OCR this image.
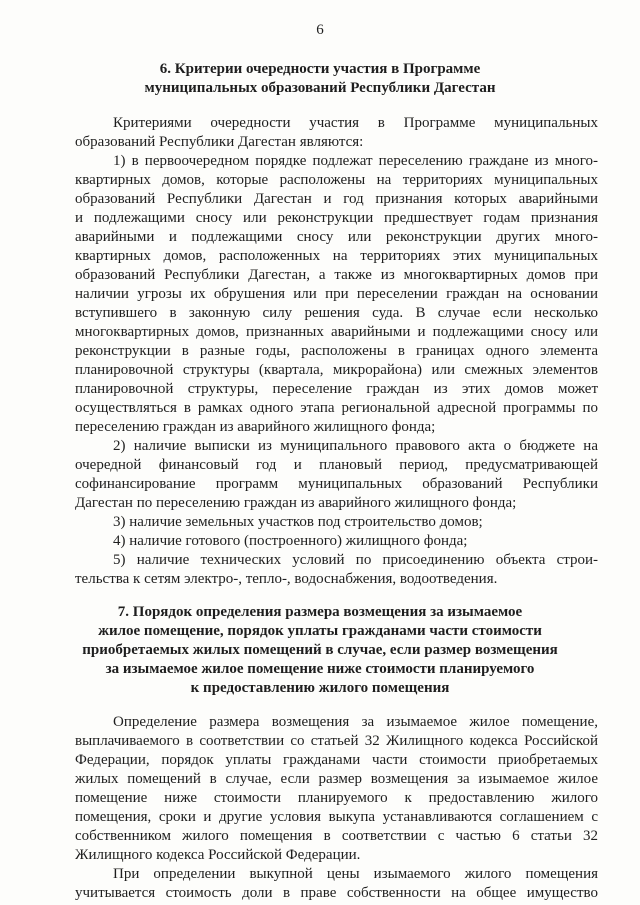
6

6. Критерии очередности участия в Программе

муниципальных образований Республики Дагестан

Критериями очередности участия в Программе муниципальных
образований Республики Дагестан являются:
1) в первоочередном порядке подлежат переселению граждане из много-
квартирных домов, которые расположены на территориях муниципальных
образований Республики Дагестан и год признания которых аварийными
и подлежащими сносу или реконструкции предшествует годам признания
аварийными и подлежащими сносу или реконструкции других много-
квартирных домов, расположенных на территориях этих муниципальных
образований Республики Дагестан, а также из многоквартирных домов при
наличии угрозы их обрушения или при переселении граждан на основании
вступившего в законную силу решения суда. В случае если несколько
многоквартирных домов, признанных аварийными и подлежащими сносу или
реконструкции в разные годы, расположены в границах одного элемента
планировочной структуры (квартала, микрорайона) или смежных элементов
планировочной структуры, переселение граждан из этих домов может
осуществляться в рамках одного этапа региональной адресной программы по
переселению граждан из аварийного жилищного фонда;
2) наличие выписки из муниципального правового акта о бюджете на
очередной финансовый год и плановый период, предусматривающей
софинансирование программ муниципальных образований Республики
Дагестан по переселению граждан из аварийного жилищного фонда;
3) наличие земельных участков под строительство домов;
4) наличие готового (построенного) жилищного фонда;
5) наличие технических условий по присоединению объекта строи-
тельства к сетям электро-, тепло-, водоснабжения, водоотведения.

7. Порядок определения размера возмещения за изымаемое

жилое помещение, порядок уплаты гражданами части стоимости

приобретаемых жилых помещений в случае, если размер возмещения

за изымаемое жилое помещение ниже стоимости планируемого

к предоставлению жилого помещения

Определение размера возмещения за изымаемое жилое помещение,
выплачиваемого в соответствии со статьей 32 Жилищного кодекса Российской
Федерации, порядок уплаты гражданами части стоимости приобретаемых
жилых помещений в случае, если размер возмещения за изымаемое жилое
помещение ниже стоимости планируемого к предоставлению жилого
помещения, сроки и другие условия выкупа устанавливаются соглашением с
собственником жилого помещения в соответствии с частью 6 статьи 32
Жилищного кодекса Российской Федерации.
При определении выкупной цены изымаемого жилого помещения
учитывается стоимость доли в праве собственности на общее имущество
